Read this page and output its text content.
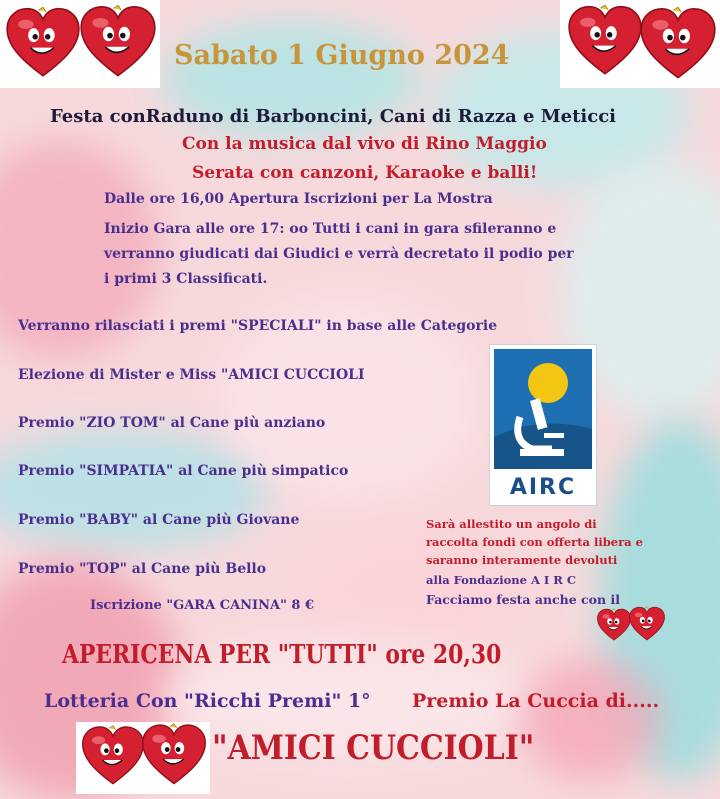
Sabato 1 Giugno 2024
Festa conRaduno di Barboncini, Cani di Razza e Meticci
Con la musica dal vivo di Rino Maggio
Serata con canzoni, Karaoke e balli!
Dalle ore 16,00 Apertura Iscrizioni per La Mostra
Inizio Gara alle ore 17: oo Tutti i cani in gara sfileranno e
verranno giudicati dai Giudici e verrà decretato il podio per
i primi 3 Classificati.
Verranno rilasciati i premi "SPECIALI" in base alle Categorie
Elezione di Mister e Miss "AMICI CUCCIOLI
Premio "ZIO TOM" al Cane più anziano
Premio "SIMPATIA" al Cane più simpatico
Premio "BABY" al Cane più Giovane
Premio "TOP" al Cane più Bello
Iscrizione "GARA CANINA" 8 €
AIRC
Sarà allestito un angolo di
raccolta fondi con offerta libera e
saranno interamente devoluti
alla Fondazione A I R C
Facciamo festa anche con il
APERICENA PER "TUTTI" ore 20,30
Lotteria Con "Ricchi Premi" 1° Premio La Cuccia di.....
"AMICI CUCCIOLI"
